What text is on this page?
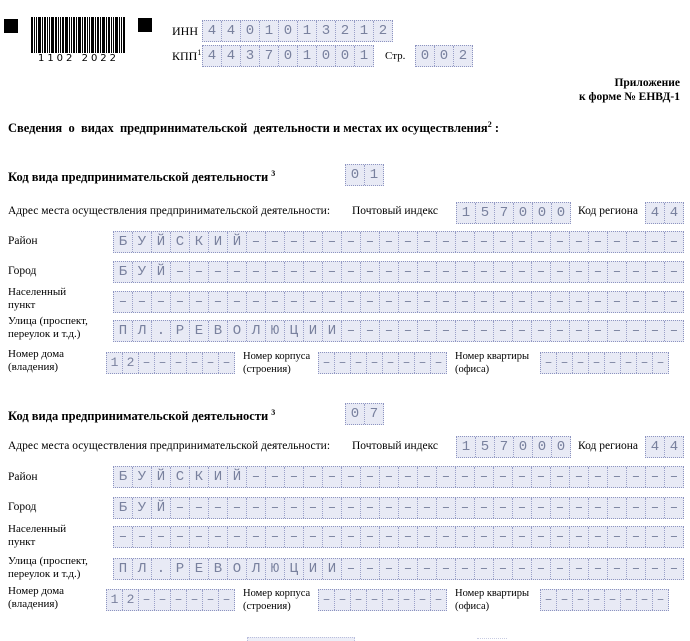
1102 2022
ИНН 4 4 0 1 0 1 3 2 1 2
КПП$^1$ 4 4 3 7 0 1 0 0 1	Стр.	0 0 2
Приложение
к форме № ЕНВД-1
Сведения  о  видах  предпринимательской  деятельности и местах их осуществления$^2$ :
Код вида предпринимательской деятельности $^3$	0 1
Адрес места осуществления предпринимательской деятельности: Почтовый индекс	1 5 7 0 0 0	Код региона 4 4
Район	Б У Й С К И Й – – – – – – – – – – – – – – – – – – – – – – –
Город	Б У Й – – – – – – – – – – – – – – – – – – – – – – – – – – –
Населенный
пункт	– – – – – – – – – – – – – – – – – – – – – – – – – – – – – –
Улица (проспект,
переулок и т.д.)	П Л . Р Е В О Л Ю Ц И И – – – – – – – – – – – – – – – – – –
Номер дома
(владения)	1 2 – – – – – –	Номер корпуса
(строения)	– – – – – – – –	Номер квартиры
(офиса)	– – – – – – – –
Код вида предпринимательской деятельности $^3$	0 7
Адрес места осуществления предпринимательской деятельности: Почтовый индекс	1 5 7 0 0 0	Код региона 4 4
Район	Б У Й С К И Й – – – – – – – – – – – – – – – – – – – – – – –
Город	Б У Й – – – – – – – – – – – – – – – – – – – – – – – – – – –
Населенный
пункт	– – – – – – – – – – – – – – – – – – – – – – – – – – – – – –
Улица (проспект,
переулок и т.д.)	П Л . Р Е В О Л Ю Ц И И – – – – – – – – – – – – – – – – – –
Номер дома
(владения)	1 2 – – – – – –	Номер корпуса
(строения)	– – – – – – – –	Номер квартиры
(офиса)	– – – – – – – –
